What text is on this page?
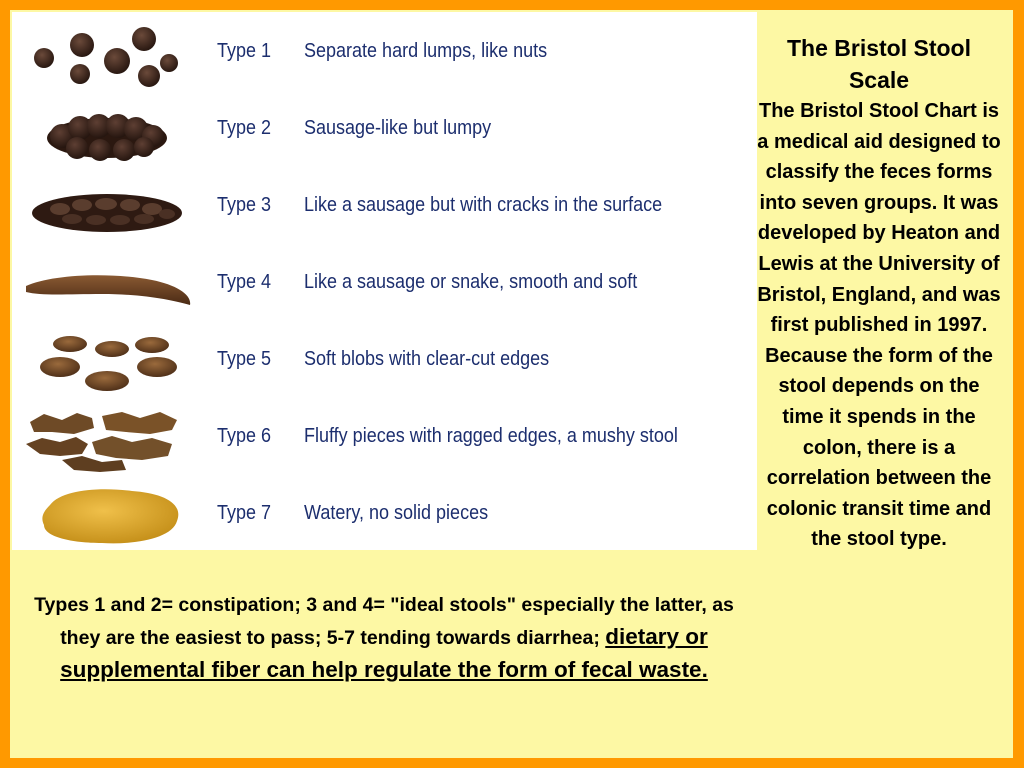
Type 1 Separate hard lumps, like nuts
Type 2 Sausage-like but lumpy
Type 3 Like a sausage but with cracks in the surface
Type 4 Like a sausage or snake, smooth and soft
Type 5 Soft blobs with clear-cut edges
Type 6 Fluffy pieces with ragged edges, a mushy stool
Type 7 Watery, no solid pieces
Types 1 and 2= constipation; 3 and 4= "ideal stools" especially the latter, as they are the easiest to pass; 5-7 tending towards diarrhea; dietary or supplemental fiber can help regulate the form of fecal waste.
The Bristol Stool Scale
The Bristol Stool Chart is a medical aid designed to classify the feces forms into seven groups. It was developed by Heaton and Lewis at the University of Bristol, England, and was first published in 1997. Because the form of the stool depends on the time it spends in the colon, there is a correlation between the colonic transit time and the stool type.
